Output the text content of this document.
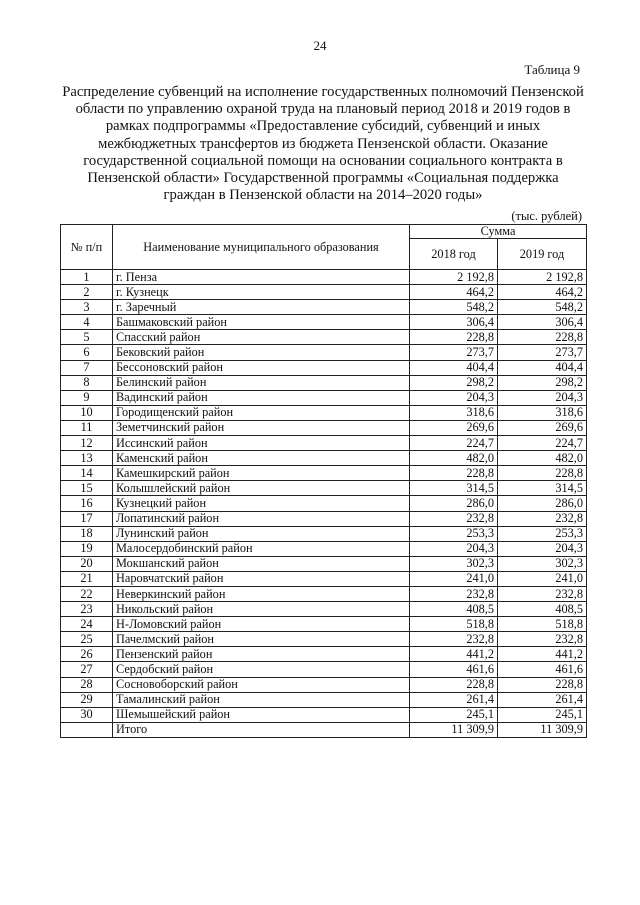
24
Таблица 9
Распределение субвенций на исполнение государственных полномочий Пензенской области по управлению охраной труда на плановый период 2018 и 2019 годов в рамках подпрограммы «Предоставление субсидий, субвенций и иных межбюджетных трансфертов из бюджета Пензенской области. Оказание государственной социальной помощи на основании социального контракта в Пензенской области» Государственной программы «Социальная поддержка граждан в Пензенской области на 2014–2020 годы»
(тыс. рублей)
№ п/п	Наименование муниципального образования	Сумма	
		2018 год	2019 год
1	г. Пенза	2 192,8	2 192,8
2	г. Кузнецк	464,2	464,2
3	г. Заречный	548,2	548,2
4	Башмаковский район	306,4	306,4
5	Спасский район	228,8	228,8
6	Бековский район	273,7	273,7
7	Бессоновский район	404,4	404,4
8	Белинский район	298,2	298,2
9	Вадинский район	204,3	204,3
10	Городищенский район	318,6	318,6
11	Земетчинский район	269,6	269,6
12	Иссинский район	224,7	224,7
13	Каменский район	482,0	482,0
14	Камешкирский район	228,8	228,8
15	Колышлейский район	314,5	314,5
16	Кузнецкий район	286,0	286,0
17	Лопатинский район	232,8	232,8
18	Лунинский район	253,3	253,3
19	Малосердобинский район	204,3	204,3
20	Мокшанский район	302,3	302,3
21	Наровчатский район	241,0	241,0
22	Неверкинский район	232,8	232,8
23	Никольский район	408,5	408,5
24	Н-Ломовский район	518,8	518,8
25	Пачелмский район	232,8	232,8
26	Пензенский район	441,2	441,2
27	Сердобский район	461,6	461,6
28	Сосновоборский район	228,8	228,8
29	Тамалинский район	261,4	261,4
30	Шемышейский район	245,1	245,1
	Итого	11 309,9	11 309,9
